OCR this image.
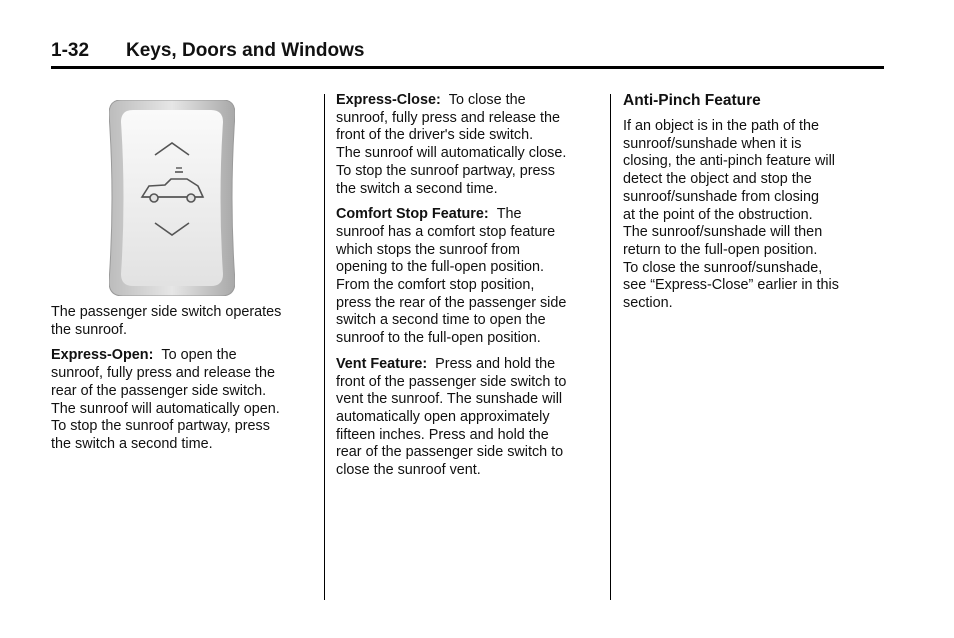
1-32 Keys, Doors and Windows

The passenger side switch operates
the sunroof.

Express-Open: To open the
sunroof, fully press and release the
rear of the passenger side switch.
The sunroof will automatically open.
To stop the sunroof partway, press
the switch a second time.

Express-Close: To close the
sunroof, fully press and release the
front of the driver's side switch.
The sunroof will automatically close.
To stop the sunroof partway, press
the switch a second time.

Comfort Stop Feature: The
sunroof has a comfort stop feature
which stops the sunroof from
opening to the full-open position.
From the comfort stop position,
press the rear of the passenger side
switch a second time to open the
sunroof to the full-open position.

Vent Feature: Press and hold the
front of the passenger side switch to
vent the sunroof. The sunshade will
automatically open approximately
fifteen inches. Press and hold the
rear of the passenger side switch to
close the sunroof vent.

Anti-Pinch Feature

If an object is in the path of the
sunroof/sunshade when it is
closing, the anti-pinch feature will
detect the object and stop the
sunroof/sunshade from closing
at the point of the obstruction.
The sunroof/sunshade will then
return to the full-open position.
To close the sunroof/sunshade,
see “Express-Close” earlier in this
section.
